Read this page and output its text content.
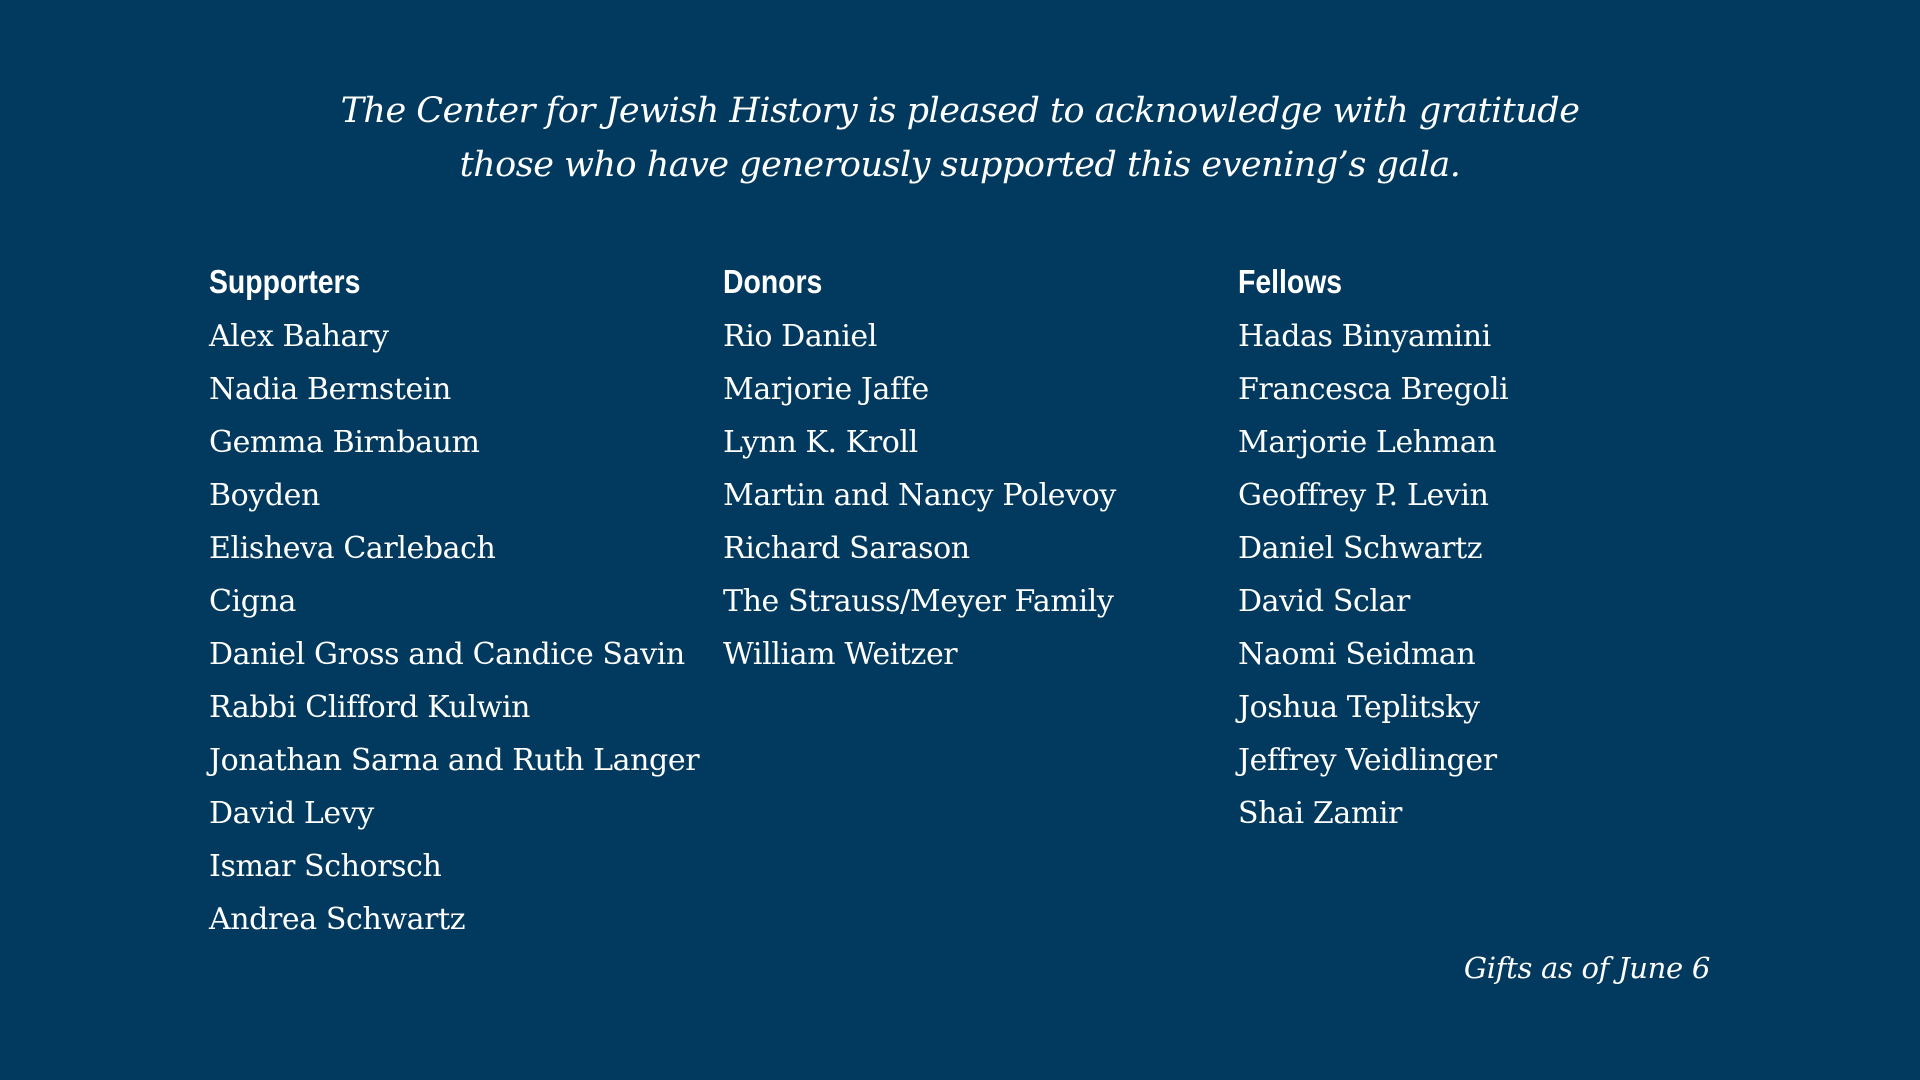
The Center for Jewish History is pleased to acknowledge with gratitude
those who have generously supported this evening’s gala.
Supporters
Alex Bahary
Nadia Bernstein
Gemma Birnbaum
Boyden
Elisheva Carlebach
Cigna
Daniel Gross and Candice Savin
Rabbi Clifford Kulwin
Jonathan Sarna and Ruth Langer
David Levy
Ismar Schorsch
Andrea Schwartz
Donors
Rio Daniel
Marjorie Jaffe
Lynn K. Kroll
Martin and Nancy Polevoy
Richard Sarason
The Strauss/Meyer Family
William Weitzer
Fellows
Hadas Binyamini
Francesca Bregoli
Marjorie Lehman
Geoffrey P. Levin
Daniel Schwartz
David Sclar
Naomi Seidman
Joshua Teplitsky
Jeffrey Veidlinger
Shai Zamir
Gifts as of June 6
